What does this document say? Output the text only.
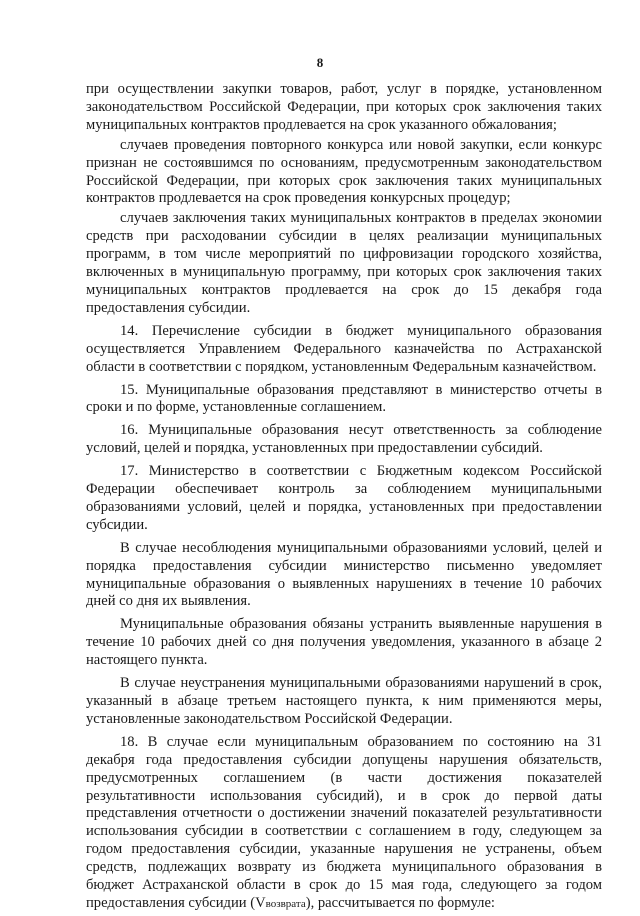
8

при осуществлении закупки товаров, работ, услуг в порядке, установленном законодательством Российской Федерации, при которых срок заключения таких муниципальных контрактов продлевается на срок указанного обжалования;

случаев проведения повторного конкурса или новой закупки, если конкурс признан не состоявшимся по основаниям, предусмотренным законодательством Российской Федерации, при которых срок заключения таких муниципальных контрактов продлевается на срок проведения конкурсных процедур;

случаев заключения таких муниципальных контрактов в пределах экономии средств при расходовании субсидии в целях реализации муниципальных программ, в том числе мероприятий по цифровизации городского хозяйства, включенных в муниципальную программу, при которых срок заключения таких муниципальных контрактов продлевается на срок до 15 декабря года предоставления субсидии.

14. Перечисление субсидии в бюджет муниципального образования осуществляется Управлением Федерального казначейства по Астраханской области в соответствии с порядком, установленным Федеральным казначейством.

15. Муниципальные образования представляют в министерство отчеты в сроки и по форме, установленные соглашением.

16. Муниципальные образования несут ответственность за соблюдение условий, целей и порядка, установленных при предоставлении субсидий.

17. Министерство в соответствии с Бюджетным кодексом Российской Федерации обеспечивает контроль за соблюдением муниципальными образованиями условий, целей и порядка, установленных при предоставлении субсидии.

В случае несоблюдения муниципальными образованиями условий, целей и порядка предоставления субсидии министерство письменно уведомляет муниципальные образования о выявленных нарушениях в течение 10 рабочих дней со дня их выявления.

Муниципальные образования обязаны устранить выявленные нарушения в течение 10 рабочих дней со дня получения уведомления, указанного в абзаце 2 настоящего пункта.

В случае неустранения муниципальными образованиями нарушений в срок, указанный в абзаце третьем настоящего пункта, к ним применяются меры, установленные законодательством Российской Федерации.

18. В случае если муниципальным образованием по состоянию на 31 декабря года предоставления субсидии допущены нарушения обязательств, предусмотренных соглашением (в части достижения показателей результативности использования субсидий), и в срок до первой даты представления отчетности о достижении значений показателей результативности использования субсидии в соответствии с соглашением в году, следующем за годом предоставления субсидии, указанные нарушения не устранены, объем средств, подлежащих возврату из бюджета муниципального образования в бюджет Астраханской области в срок до 15 мая года, следующего за годом предоставления субсидии (Vвозврата), рассчитывается по формуле:
